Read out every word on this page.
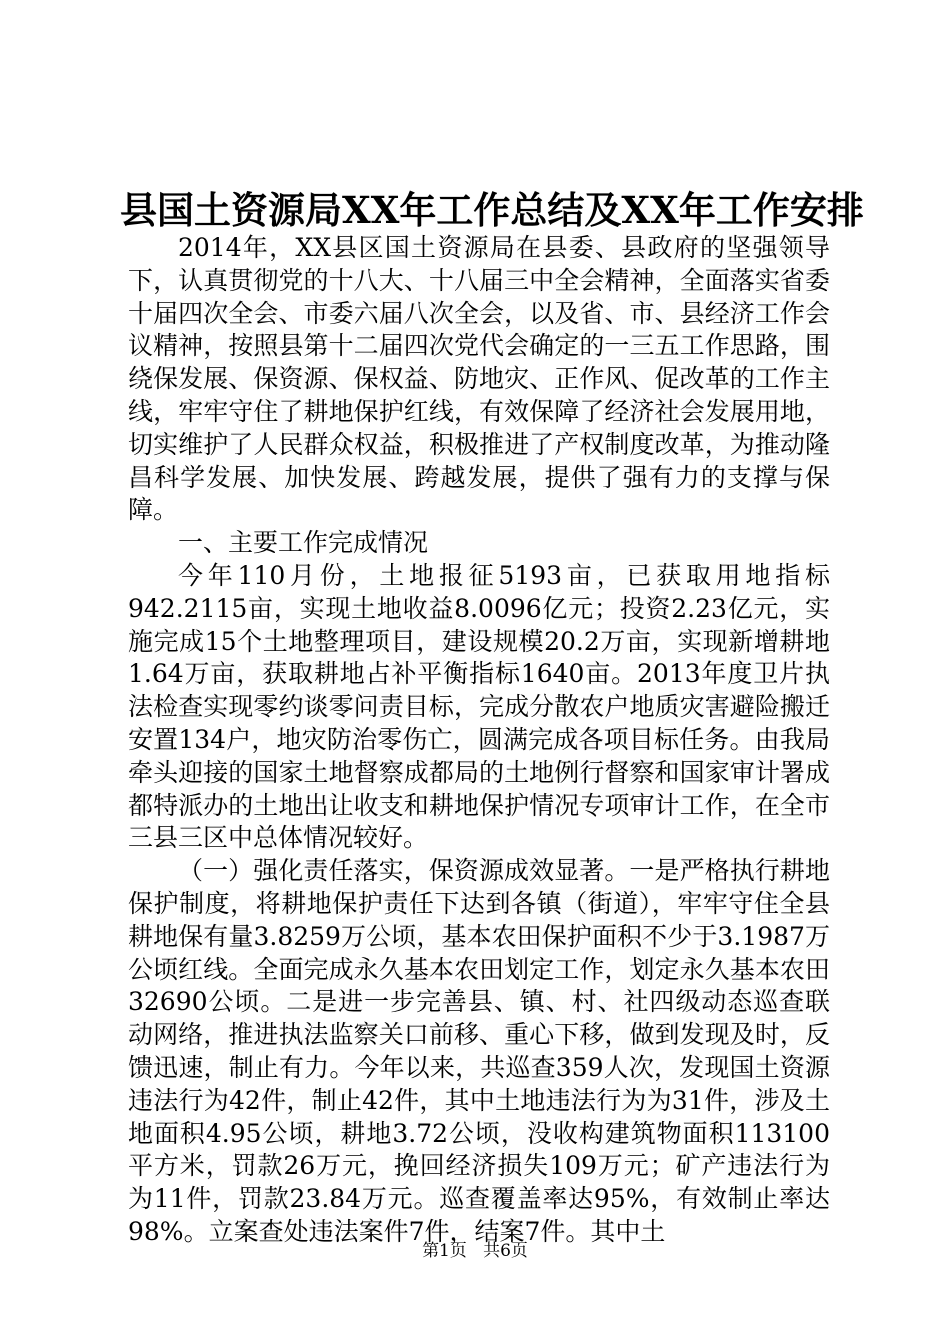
县国土资源局XX年工作总结及XX年工作安排

2014年，XX县区国土资源局在县委、县政府的坚强领导下，认真贯彻党的十八大、十八届三中全会精神，全面落实省委十届四次全会、市委六届八次全会，以及省、市、县经济工作会议精神，按照县第十二届四次党代会确定的一三五工作思路，围绕保发展、保资源、保权益、防地灾、正作风、促改革的工作主线，牢牢守住了耕地保护红线，有效保障了经济社会发展用地，切实维护了人民群众权益，积极推进了产权制度改革，为推动隆昌科学发展、加快发展、跨越发展，提供了强有力的支撑与保障。

一、主要工作完成情况

今年110月份，土地报征5193亩，已获取用地指标942.2115亩，实现土地收益8.0096亿元；投资2.23亿元，实施完成15个土地整理项目，建设规模20.2万亩，实现新增耕地1.64万亩，获取耕地占补平衡指标1640亩。2013年度卫片执法检查实现零约谈零问责目标，完成分散农户地质灾害避险搬迁安置134户，地灾防治零伤亡，圆满完成各项目标任务。由我局牵头迎接的国家土地督察成都局的土地例行督察和国家审计署成都特派办的土地出让收支和耕地保护情况专项审计工作，在全市三县三区中总体情况较好。

（一）强化责任落实，保资源成效显著。一是严格执行耕地保护制度，将耕地保护责任下达到各镇（街道），牢牢守住全县耕地保有量3.8259万公顷，基本农田保护面积不少于3.1987万公顷红线。全面完成永久基本农田划定工作，划定永久基本农田32690公顷。二是进一步完善县、镇、村、社四级动态巡查联动网络，推进执法监察关口前移、重心下移，做到发现及时，反馈迅速，制止有力。今年以来，共巡查359人次，发现国土资源违法行为42件，制止42件，其中土地违法行为为31件，涉及土地面积4.95公顷，耕地3.72公顷，没收构建筑物面积113100平方米，罚款26万元，挽回经济损失109万元；矿产违法行为为11件，罚款23.84万元。巡查覆盖率达95%，有效制止率达98%。立案查处违法案件7件，结案7件。其中土

第1页 共6页
